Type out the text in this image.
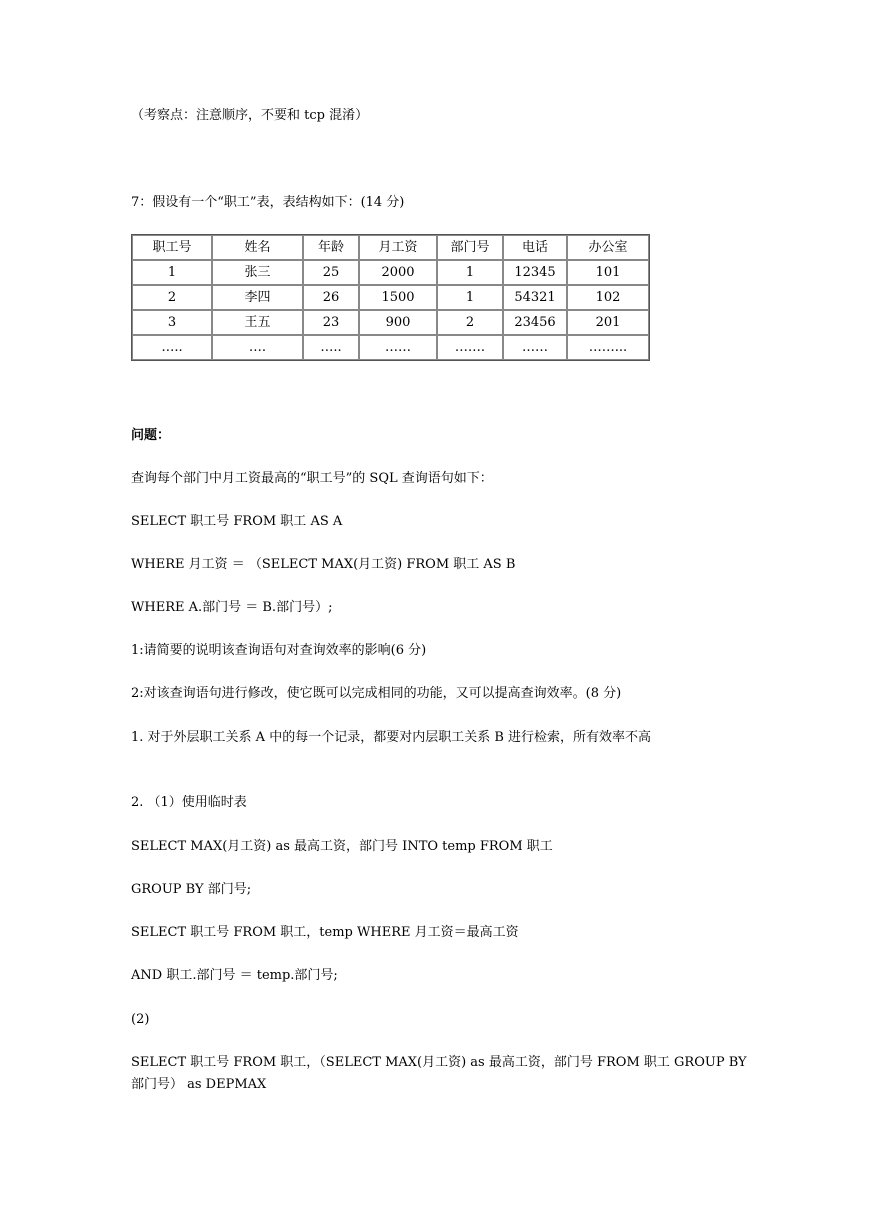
（考察点：注意顺序，不要和 tcp 混淆）
7：假设有一个“职工”表，表结构如下：(14 分)
职工号	姓名	年龄	月工资	部门号	电话	办公室
1	张三	25	2000	1	12345	101
2	李四	26	1500	1	54321	102
3	王五	23	900	2	23456	201
…..	….	…..	……	…….	……	……...
问题：
查询每个部门中月工资最高的“职工号”的 SQL 查询语句如下：
SELECT 职工号 FROM 职工 AS A
WHERE 月工资 ＝ （SELECT MAX(月工资) FROM 职工 AS B
WHERE A.部门号 ＝ B.部门号）;
1:请简要的说明该查询语句对查询效率的影响(6 分)
2:对该查询语句进行修改，使它既可以完成相同的功能，又可以提高查询效率。(8 分)
1. 对于外层职工关系 A 中的每一个记录，都要对内层职工关系 B 进行检索，所有效率不高
2. （1）使用临时表
SELECT MAX(月工资) as 最高工资，部门号 INTO temp FROM 职工
GROUP BY 部门号;
SELECT 职工号 FROM 职工，temp WHERE 月工资＝最高工资
AND 职工.部门号 ＝ temp.部门号;
(2)
SELECT 职工号 FROM 职工，（SELECT MAX(月工资) as 最高工资，部门号 FROM 职工 GROUP BY 部门号） as DEPMAX
